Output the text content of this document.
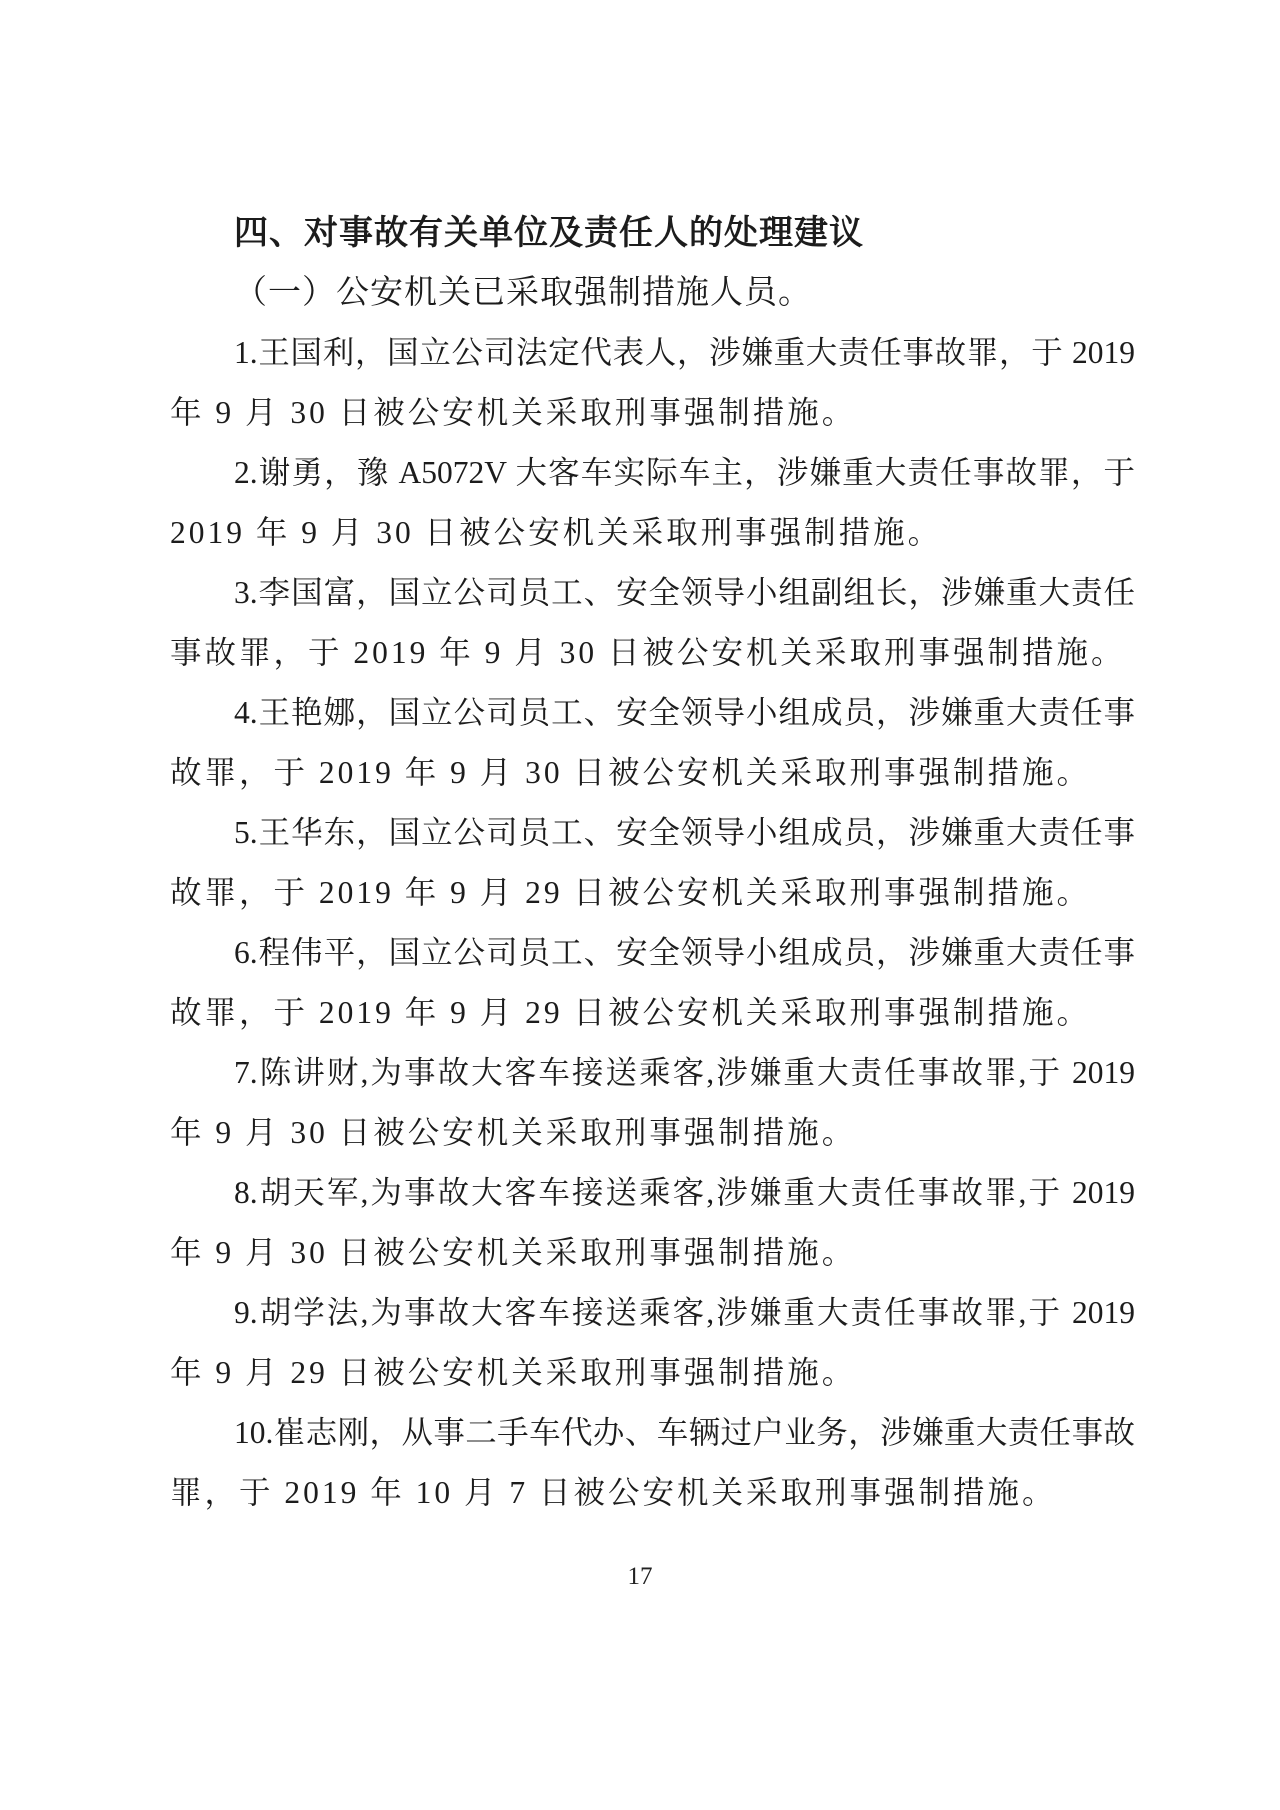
四、对事故有关单位及责任人的处理建议
（一）公安机关已采取强制措施人员。

1.王国利，国立公司法定代表人，涉嫌重大责任事故罪，于 2019
年 9 月 30 日被公安机关采取刑事强制措施。

2.谢勇，豫 A5072V 大客车实际车主，涉嫌重大责任事故罪，于
2019 年 9 月 30 日被公安机关采取刑事强制措施。

3.李国富，国立公司员工、安全领导小组副组长，涉嫌重大责任
事故罪，于 2019 年 9 月 30 日被公安机关采取刑事强制措施。

4.王艳娜，国立公司员工、安全领导小组成员，涉嫌重大责任事
故罪，于 2019 年 9 月 30 日被公安机关采取刑事强制措施。

5.王华东，国立公司员工、安全领导小组成员，涉嫌重大责任事
故罪，于 2019 年 9 月 29 日被公安机关采取刑事强制措施。

6.程伟平，国立公司员工、安全领导小组成员，涉嫌重大责任事
故罪，于 2019 年 9 月 29 日被公安机关采取刑事强制措施。

7.陈讲财,为事故大客车接送乘客,涉嫌重大责任事故罪,于 2019
年 9 月 30 日被公安机关采取刑事强制措施。

8.胡天军,为事故大客车接送乘客,涉嫌重大责任事故罪,于 2019
年 9 月 30 日被公安机关采取刑事强制措施。

9.胡学法,为事故大客车接送乘客,涉嫌重大责任事故罪,于 2019
年 9 月 29 日被公安机关采取刑事强制措施。

10.崔志刚，从事二手车代办、车辆过户业务，涉嫌重大责任事故
罪，于 2019 年 10 月 7 日被公安机关采取刑事强制措施。

17
